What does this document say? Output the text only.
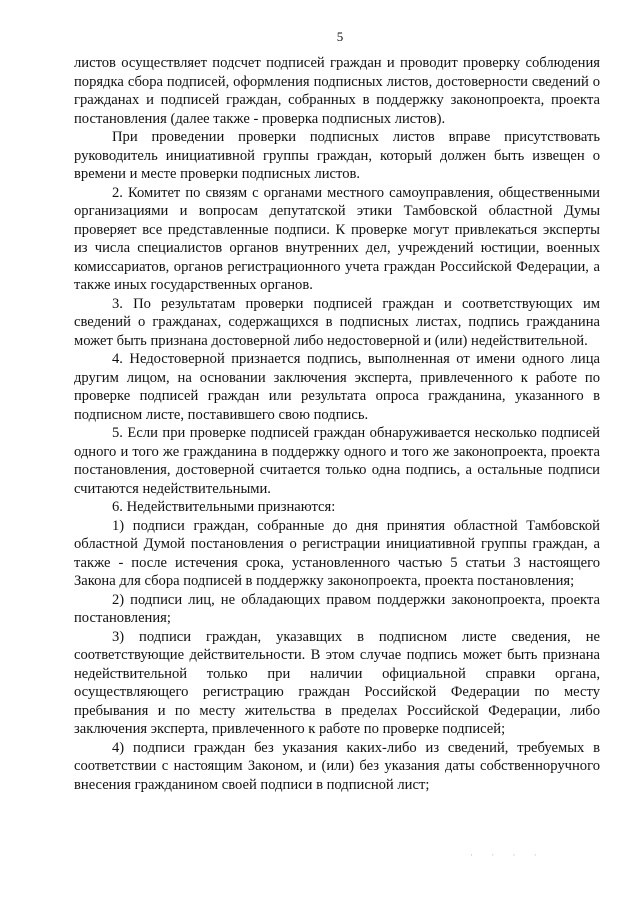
5

листов осуществляет подсчет подписей граждан и проводит проверку соблюдения порядка сбора подписей, оформления подписных листов, достоверности сведений о гражданах и подписей граждан, собранных в поддержку законопроекта, проекта постановления (далее также - проверка подписных листов).

При проведении проверки подписных листов вправе присутствовать руководитель инициативной группы граждан, который должен быть извещен о времени и месте проверки подписных листов.

2. Комитет по связям с органами местного самоуправления, общественными организациями и вопросам депутатской этики Тамбовской областной Думы проверяет все представленные подписи. К проверке могут привлекаться эксперты из числа специалистов органов внутренних дел, учреждений юстиции, военных комиссариатов, органов регистрационного учета граждан Российской Федерации, а также иных государственных органов.

3. По результатам проверки подписей граждан и соответствующих им сведений о гражданах, содержащихся в подписных листах, подпись гражданина может быть признана достоверной либо недостоверной и (или) недействительной.

4. Недостоверной признается подпись, выполненная от имени одного лица другим лицом, на основании заключения эксперта, привлеченного к работе по проверке подписей граждан или результата опроса гражданина, указанного в подписном листе, поставившего свою подпись.

5. Если при проверке подписей граждан обнаруживается несколько подписей одного и того же гражданина в поддержку одного и того же законопроекта, проекта постановления, достоверной считается только одна подпись, а остальные подписи считаются недействительными.

6. Недействительными признаются:

1) подписи граждан, собранные до дня принятия областной Тамбовской областной Думой постановления о регистрации инициативной группы граждан, а также - после истечения срока, установленного частью 5 статьи 3 настоящего Закона для сбора подписей в поддержку законопроекта, проекта постановления;

2) подписи лиц, не обладающих правом поддержки законопроекта, проекта постановления;

3) подписи граждан, указавщих в подписном листе сведения, не соответствующие действительности. В этом случае подпись может быть признана недействительной только при наличии официальной справки органа, осуществляющего регистрацию граждан Российской Федерации по месту пребывания и по месту жительства в пределах Российской Федерации, либо заключения эксперта, привлеченного к работе по проверке подписей;

4) подписи граждан без указания каких-либо из сведений, требуемых в соответствии с настоящим Законом, и (или) без указания даты собственноручного внесения гражданином своей подписи в подписной лист;

· · · ·
